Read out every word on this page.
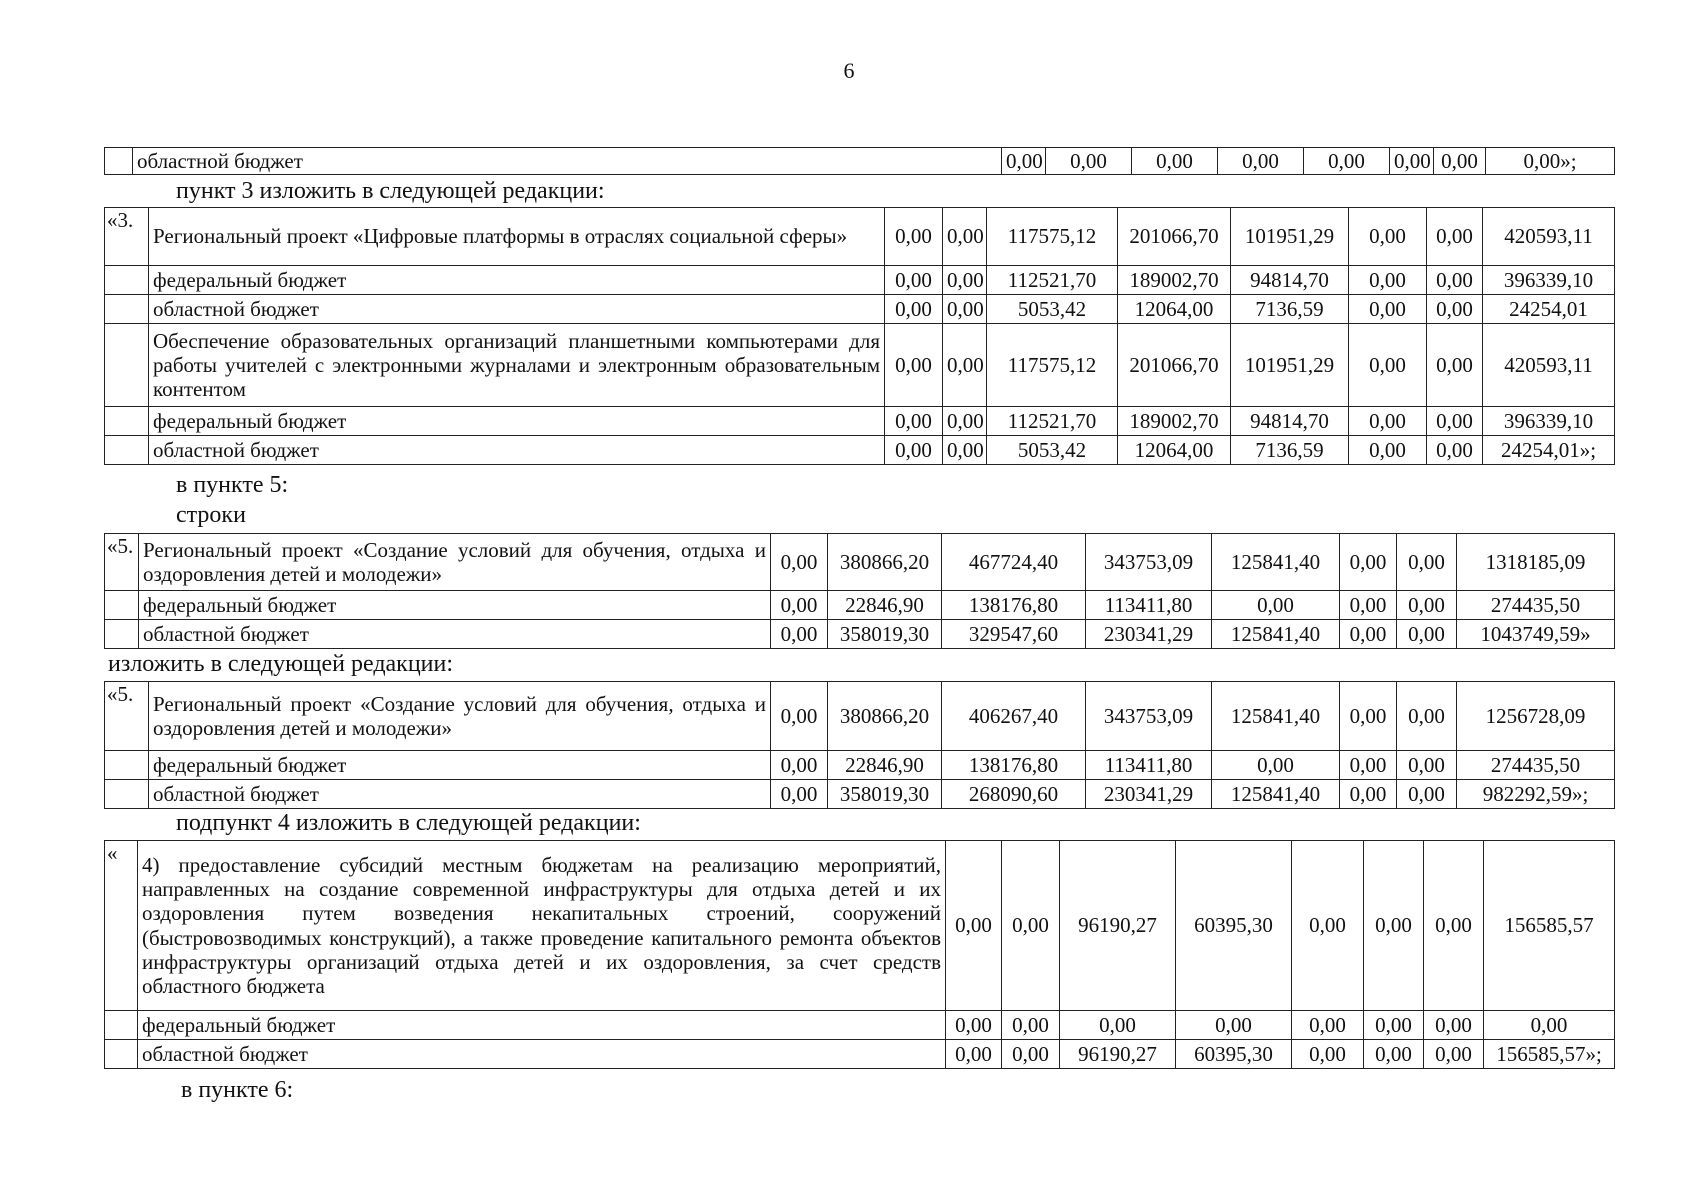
6
	областной бюджет	0,00	0,00	0,00	0,00	0,00	0,00	0,00	0,00»;
пункт 3 изложить в следующей редакции:
«3.	Региональный проект «Цифровые платформы в отраслях социальной сферы»	0,00	0,00	117575,12	201066,70	101951,29	0,00	0,00	420593,11
	федеральный бюджет	0,00	0,00	112521,70	189002,70	94814,70	0,00	0,00	396339,10
	областной бюджет	0,00	0,00	5053,42	12064,00	7136,59	0,00	0,00	24254,01
	Обеспечение образовательных организаций планшетными компьютерами для работы учителей с электронными журналами и электронным образовательным контентом	0,00	0,00	117575,12	201066,70	101951,29	0,00	0,00	420593,11
	федеральный бюджет	0,00	0,00	112521,70	189002,70	94814,70	0,00	0,00	396339,10
	областной бюджет	0,00	0,00	5053,42	12064,00	7136,59	0,00	0,00	24254,01»;
в пункте 5:
строки
«5.	Региональный проект «Создание условий для обучения, отдыха и оздоровления детей и молодежи»	0,00	380866,20	467724,40	343753,09	125841,40	0,00	0,00	1318185,09
	федеральный бюджет	0,00	22846,90	138176,80	113411,80	0,00	0,00	0,00	274435,50
	областной бюджет	0,00	358019,30	329547,60	230341,29	125841,40	0,00	0,00	1043749,59»
изложить в следующей редакции:
«5.	Региональный проект «Создание условий для обучения, отдыха и оздоровления детей и молодежи»	0,00	380866,20	406267,40	343753,09	125841,40	0,00	0,00	1256728,09
	федеральный бюджет	0,00	22846,90	138176,80	113411,80	0,00	0,00	0,00	274435,50
	областной бюджет	0,00	358019,30	268090,60	230341,29	125841,40	0,00	0,00	982292,59»;
подпункт 4 изложить в следующей редакции:
«	4) предоставление субсидий местным бюджетам на реализацию мероприятий, направленных на создание современной инфраструктуры для отдыха детей и их оздоровления путем возведения некапитальных строений, сооружений (быстровозводимых конструкций), а также проведение капитального ремонта объектов инфраструктуры организаций отдыха детей и их оздоровления, за счет средств областного бюджета	0,00	0,00	96190,27	60395,30	0,00	0,00	0,00	156585,57
	федеральный бюджет	0,00	0,00	0,00	0,00	0,00	0,00	0,00	0,00
	областной бюджет	0,00	0,00	96190,27	60395,30	0,00	0,00	0,00	156585,57»;
в пункте 6:
